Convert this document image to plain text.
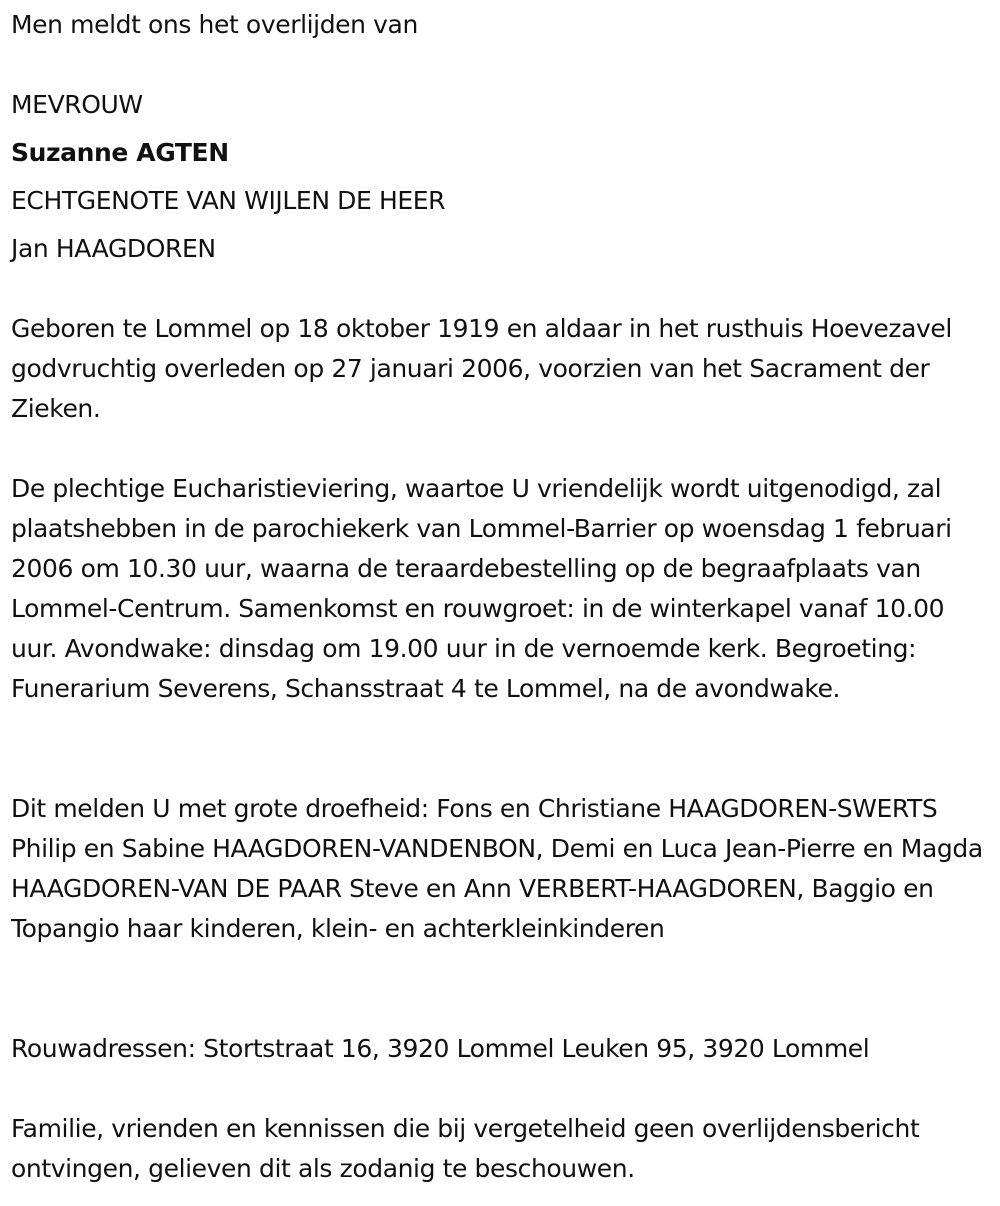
Men meldt ons het overlijden van
MEVROUW
Suzanne AGTEN
ECHTGENOTE VAN WIJLEN DE HEER
Jan HAAGDOREN

Geboren te Lommel op 18 oktober 1919 en aldaar in het rusthuis Hoevezavel godvruchtig overleden op 27 januari 2006, voorzien van het Sacrament der Zieken.

De plechtige Eucharistieviering, waartoe U vriendelijk wordt uitgenodigd, zal plaatshebben in de parochiekerk van Lommel-Barrier op woensdag 1 februari 2006 om 10.30 uur, waarna de teraardebestelling op de begraafplaats van Lommel-Centrum. Samenkomst en rouwgroet: in de winterkapel vanaf 10.00 uur. Avondwake: dinsdag om 19.00 uur in de vernoemde kerk. Begroeting: Funerarium Severens, Schansstraat 4 te Lommel, na de avondwake.

Dit melden U met grote droefheid: Fons en Christiane HAAGDOREN-SWERTS Philip en Sabine HAAGDOREN-VANDENBON, Demi en Luca Jean-Pierre en Magda HAAGDOREN-VAN DE PAAR Steve en Ann VERBERT-HAAGDOREN, Baggio en Topangio haar kinderen, klein- en achterkleinkinderen

Rouwadressen: Stortstraat 16, 3920 Lommel Leuken 95, 3920 Lommel

Familie, vrienden en kennissen die bij vergetelheid geen overlijdensbericht ontvingen, gelieven dit als zodanig te beschouwen.
